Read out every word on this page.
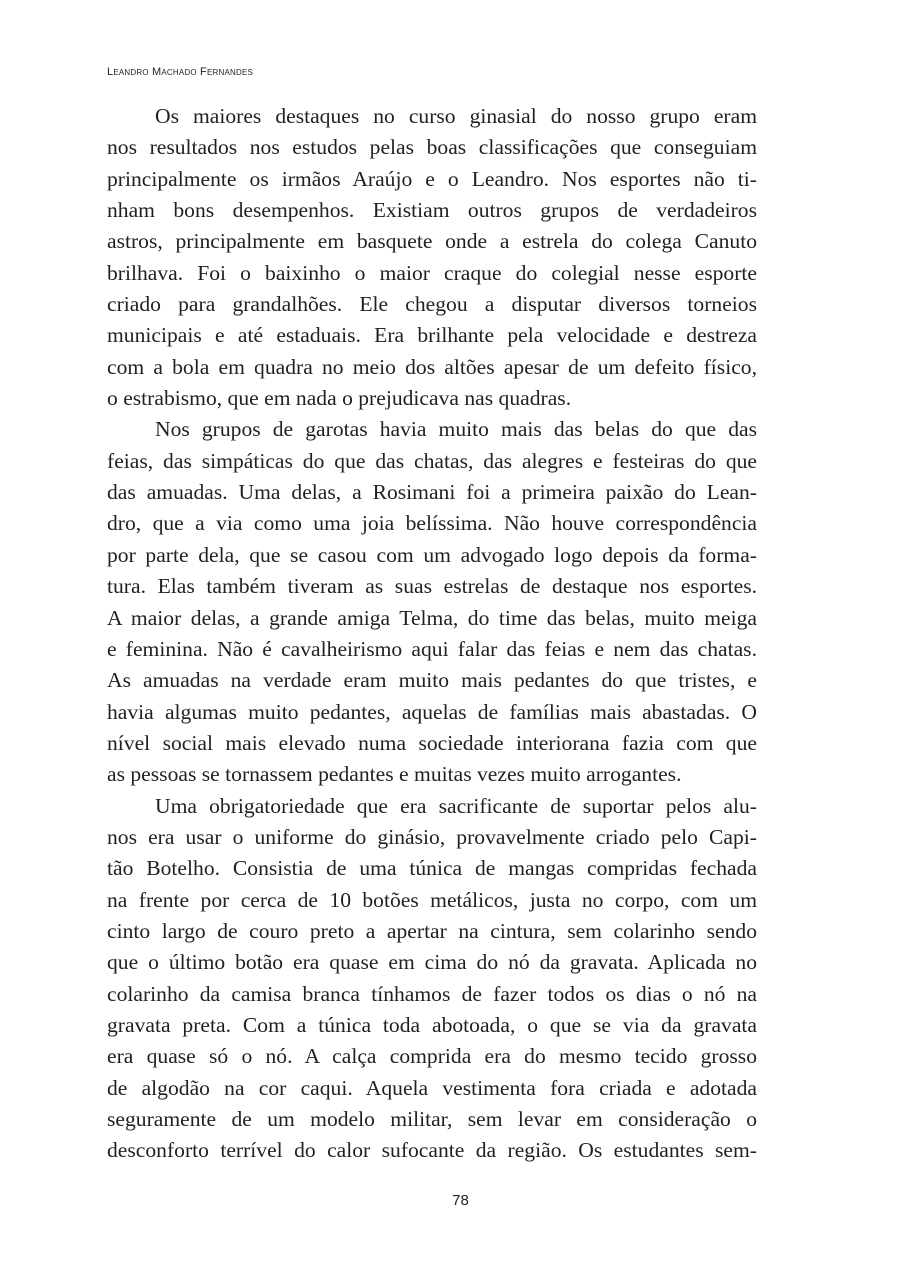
Leandro Machado Fernandes
Os maiores destaques no curso ginasial do nosso grupo eram
nos resultados nos estudos pelas boas classificações que conseguiam
principalmente os irmãos Araújo e o Leandro. Nos esportes não ti-
nham bons desempenhos. Existiam outros grupos de verdadeiros
astros, principalmente em basquete onde a estrela do colega Canuto
brilhava. Foi o baixinho o maior craque do colegial nesse esporte
criado para grandalhões. Ele chegou a disputar diversos torneios
municipais e até estaduais. Era brilhante pela velocidade e destreza
com a bola em quadra no meio dos altões apesar de um defeito físico,
o estrabismo, que em nada o prejudicava nas quadras.
Nos grupos de garotas havia muito mais das belas do que das
feias, das simpáticas do que das chatas, das alegres e festeiras do que
das amuadas. Uma delas, a Rosimani foi a primeira paixão do Lean-
dro, que a via como uma joia belíssima. Não houve correspondência
por parte dela, que se casou com um advogado logo depois da forma-
tura. Elas também tiveram as suas estrelas de destaque nos esportes.
A maior delas, a grande amiga Telma, do time das belas, muito meiga
e feminina. Não é cavalheirismo aqui falar das feias e nem das chatas.
As amuadas na verdade eram muito mais pedantes do que tristes, e
havia algumas muito pedantes, aquelas de famílias mais abastadas. O
nível social mais elevado numa sociedade interiorana fazia com que
as pessoas se tornassem pedantes e muitas vezes muito arrogantes.
Uma obrigatoriedade que era sacrificante de suportar pelos alu-
nos era usar o uniforme do ginásio, provavelmente criado pelo Capi-
tão Botelho. Consistia de uma túnica de mangas compridas fechada
na frente por cerca de 10 botões metálicos, justa no corpo, com um
cinto largo de couro preto a apertar na cintura, sem colarinho sendo
que o último botão era quase em cima do nó da gravata. Aplicada no
colarinho da camisa branca tínhamos de fazer todos os dias o nó na
gravata preta. Com a túnica toda abotoada, o que se via da gravata
era quase só o nó. A calça comprida era do mesmo tecido grosso
de algodão na cor caqui. Aquela vestimenta fora criada e adotada
seguramente de um modelo militar, sem levar em consideração o
desconforto terrível do calor sufocante da região. Os estudantes sem-
78
